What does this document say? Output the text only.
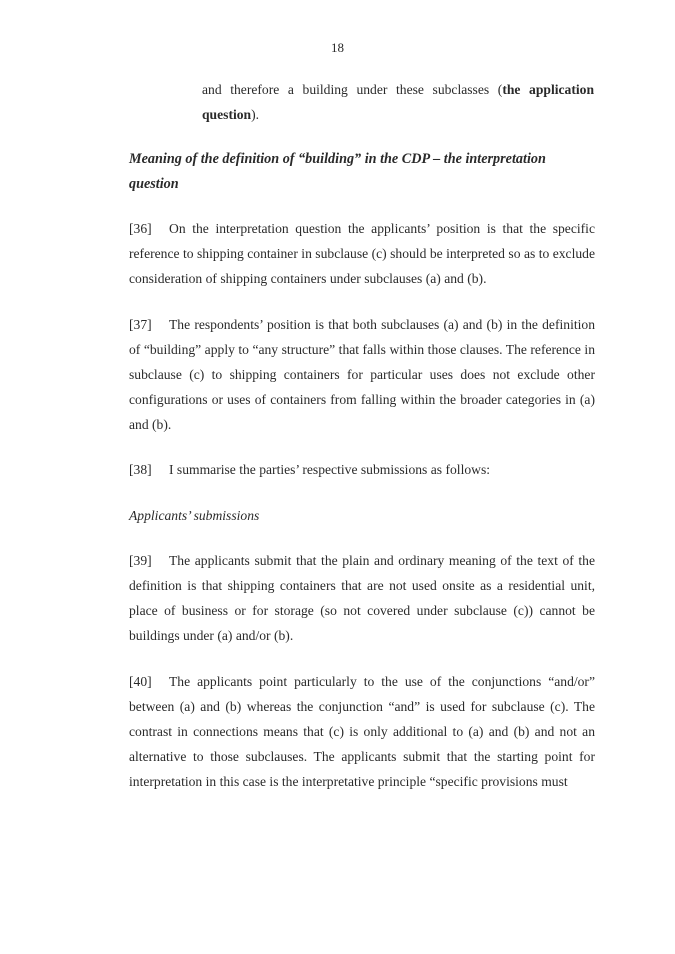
18

and therefore a building under these subclasses (the application question).

Meaning of the definition of “building” in the CDP – the interpretation question

[36] On the interpretation question the applicants’ position is that the specific reference to shipping container in subclause (c) should be interpreted so as to exclude consideration of shipping containers under subclauses (a) and (b).

[37] The respondents’ position is that both subclauses (a) and (b) in the definition of “building” apply to “any structure” that falls within those clauses. The reference in subclause (c) to shipping containers for particular uses does not exclude other configurations or uses of containers from falling within the broader categories in (a) and (b).

[38] I summarise the parties’ respective submissions as follows:

Applicants’ submissions

[39] The applicants submit that the plain and ordinary meaning of the text of the definition is that shipping containers that are not used onsite as a residential unit, place of business or for storage (so not covered under subclause (c)) cannot be buildings under (a) and/or (b).

[40] The applicants point particularly to the use of the conjunctions “and/or” between (a) and (b) whereas the conjunction “and” is used for subclause (c). The contrast in connections means that (c) is only additional to (a) and (b) and not an alternative to those subclauses. The applicants submit that the starting point for interpretation in this case is the interpretative principle “specific provisions must
